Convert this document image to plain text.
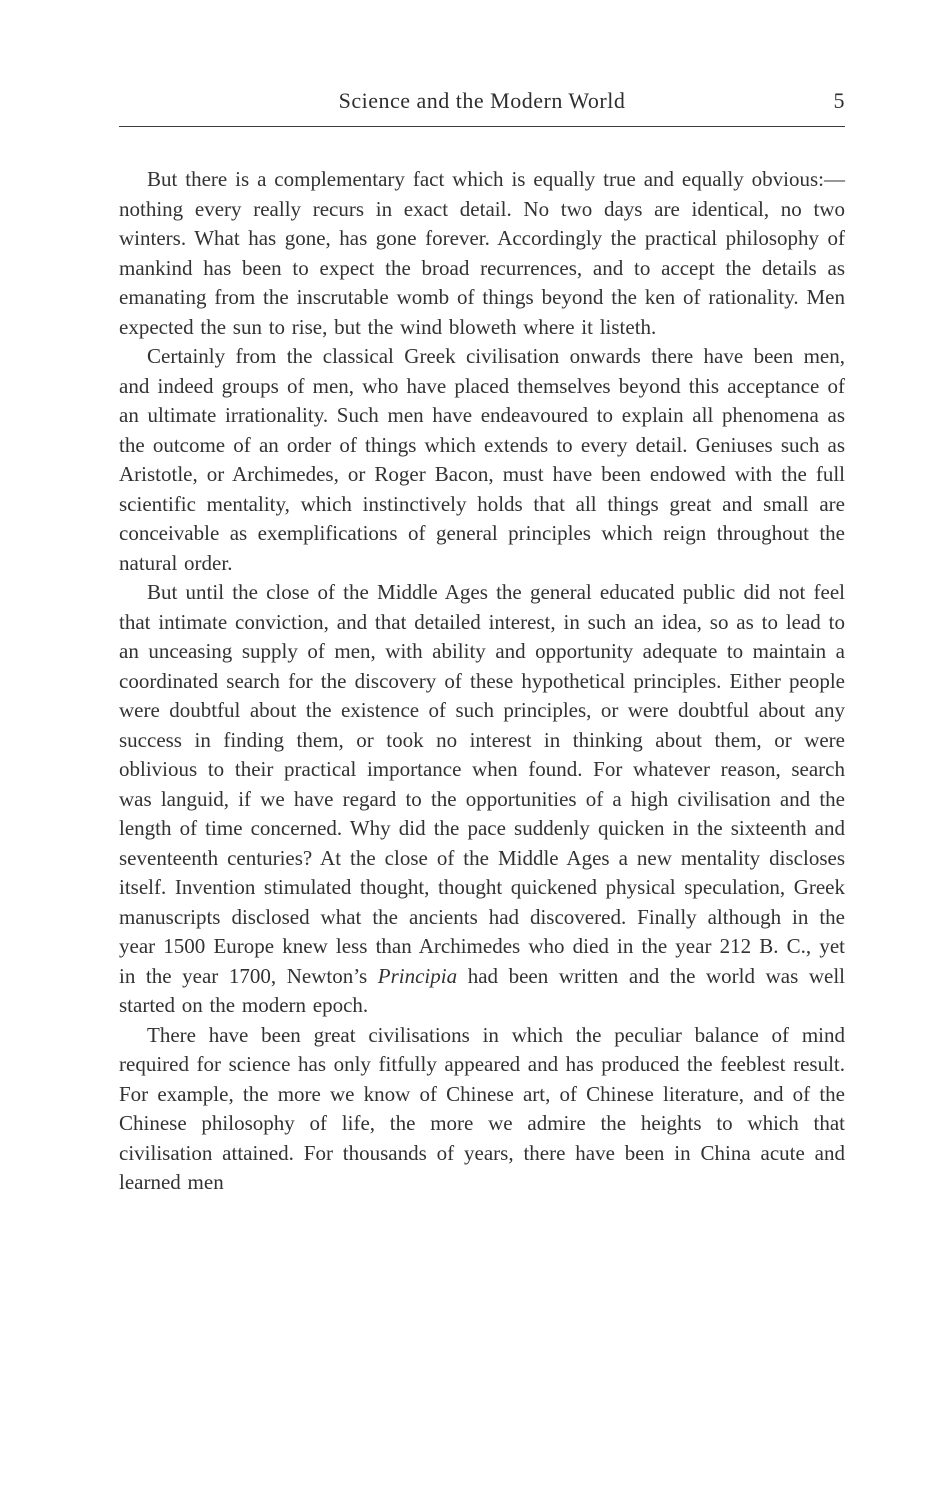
Science and the Modern World	5

But there is a complementary fact which is equally true and equally obvious:—nothing every really recurs in exact detail. No two days are identical, no two winters. What has gone, has gone forever. Accordingly the practical philosophy of mankind has been to expect the broad recurrences, and to accept the details as emanating from the inscrutable womb of things beyond the ken of rationality. Men expected the sun to rise, but the wind bloweth where it listeth.

Certainly from the classical Greek civilisation onwards there have been men, and indeed groups of men, who have placed themselves beyond this acceptance of an ultimate irrationality. Such men have endeavoured to explain all phenomena as the outcome of an order of things which extends to every detail. Geniuses such as Aristotle, or Archimedes, or Roger Bacon, must have been endowed with the full scientific mentality, which instinctively holds that all things great and small are conceivable as exemplifications of general principles which reign throughout the natural order.

But until the close of the Middle Ages the general educated public did not feel that intimate conviction, and that detailed interest, in such an idea, so as to lead to an unceasing supply of men, with ability and opportunity adequate to maintain a coordinated search for the discovery of these hypothetical principles. Either people were doubtful about the existence of such principles, or were doubtful about any success in finding them, or took no interest in thinking about them, or were oblivious to their practical importance when found. For whatever reason, search was languid, if we have regard to the opportunities of a high civilisation and the length of time concerned. Why did the pace suddenly quicken in the sixteenth and seventeenth centuries? At the close of the Middle Ages a new mentality discloses itself. Invention stimulated thought, thought quickened physical speculation, Greek manuscripts disclosed what the ancients had discovered. Finally although in the year 1500 Europe knew less than Archimedes who died in the year 212 B. C., yet in the year 1700, Newton’s Principia had been written and the world was well started on the modern epoch.

There have been great civilisations in which the peculiar balance of mind required for science has only fitfully appeared and has produced the feeblest result. For example, the more we know of Chinese art, of Chinese literature, and of the Chinese philosophy of life, the more we admire the heights to which that civilisation attained. For thousands of years, there have been in China acute and learned men
